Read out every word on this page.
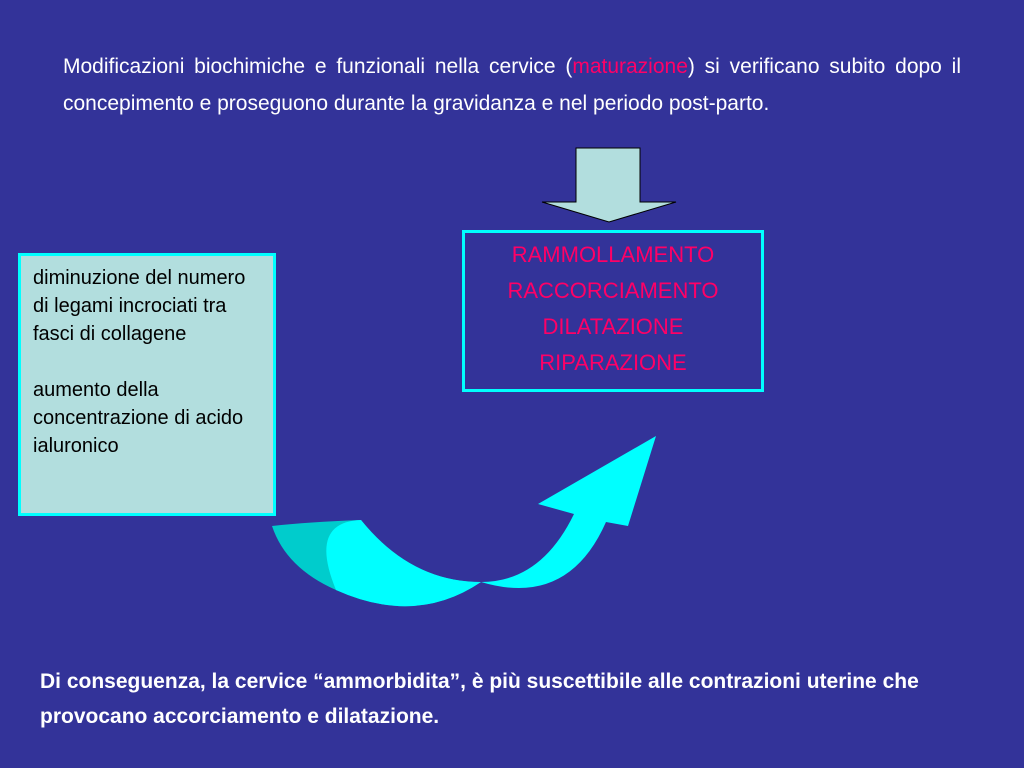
Modificazioni biochimiche e funzionali nella cervice (maturazione) si verificano subito dopo il concepimento e proseguono durante la gravidanza e nel periodo post-parto.

RAMMOLLAMENTO
RACCORCIAMENTO
DILATAZIONE
RIPARAZIONE

diminuzione del numero di legami incrociati tra fasci di collagene

aumento della concentrazione di acido ialuronico

Di conseguenza, la cervice “ammorbidita”, è più suscettibile alle contrazioni uterine che provocano accorciamento e dilatazione.
